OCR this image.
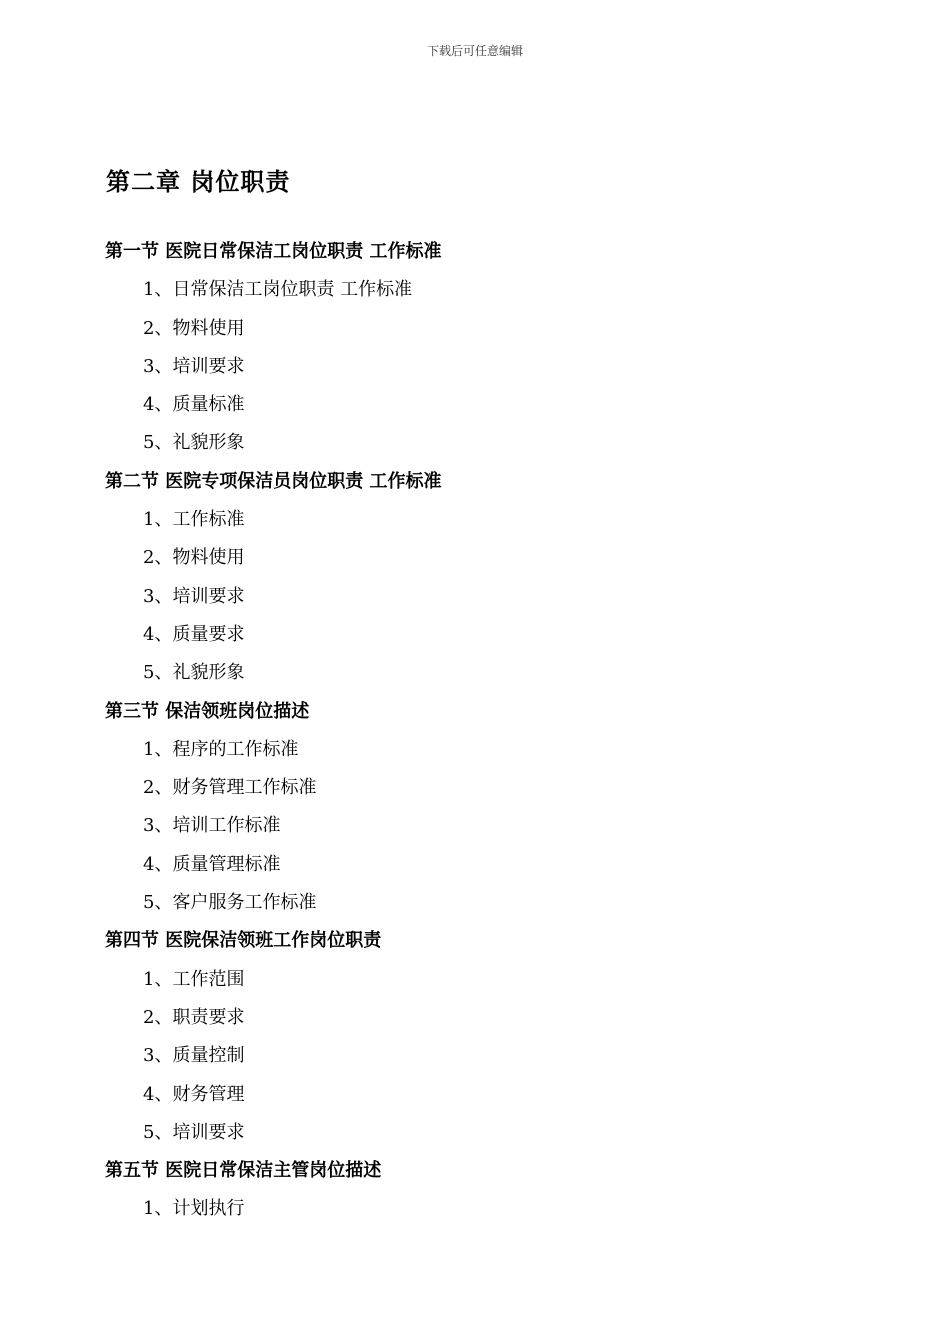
下载后可任意编辑
第二章 岗位职责
第一节 医院日常保洁工岗位职责 工作标准
1、日常保洁工岗位职责 工作标准
2、物料使用
3、培训要求
4、质量标准
5、礼貌形象
第二节 医院专项保洁员岗位职责 工作标准
1、工作标准
2、物料使用
3、培训要求
4、质量要求
5、礼貌形象
第三节 保洁领班岗位描述
1、程序的工作标准
2、财务管理工作标准
3、培训工作标准
4、质量管理标准
5、客户服务工作标准
第四节 医院保洁领班工作岗位职责
1、工作范围
2、职责要求
3、质量控制
4、财务管理
5、培训要求
第五节 医院日常保洁主管岗位描述
1、计划执行
